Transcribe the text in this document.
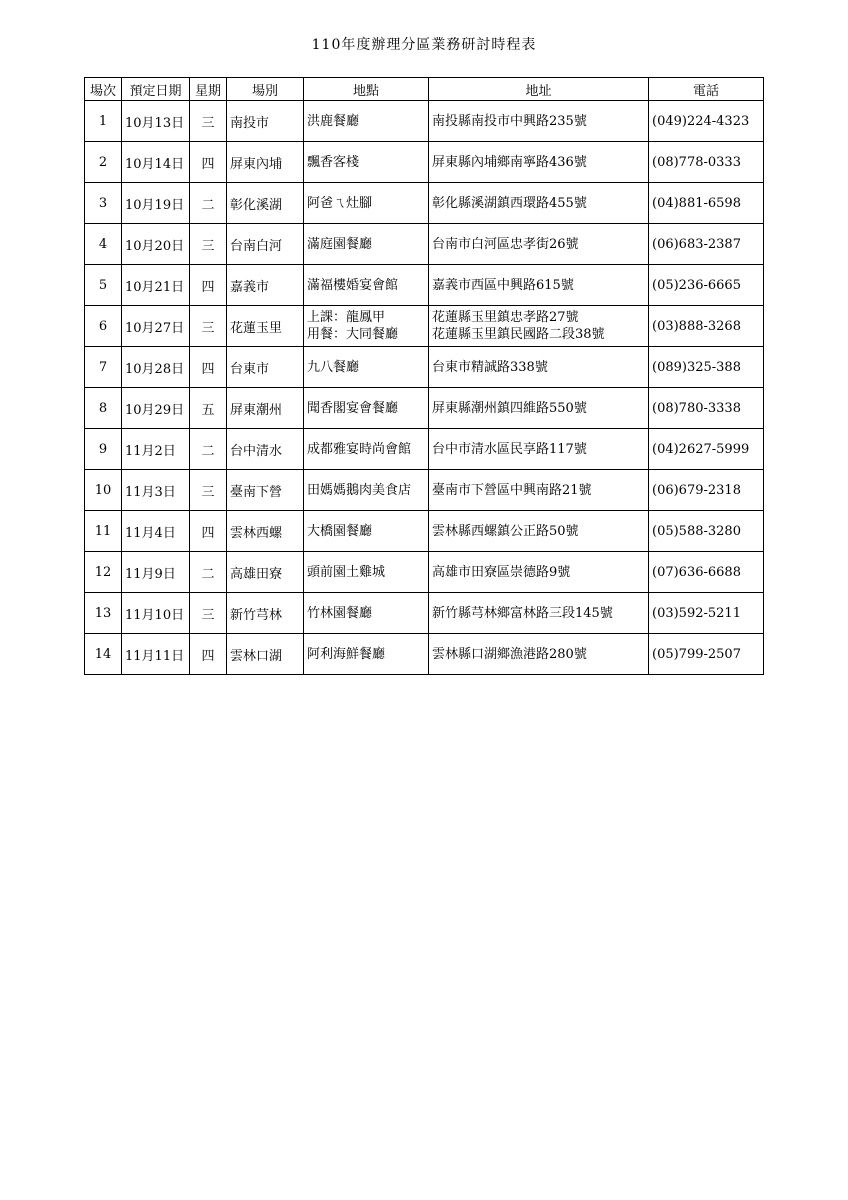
110年度辦理分區業務研討時程表
場次	預定日期	星期	場別	地點	地址	電話
1	10月13日	三	南投市	洪鹿餐廳	南投縣南投市中興路235號	(049)224-4323
2	10月14日	四	屏東內埔	飄香客棧	屏東縣內埔鄉南寧路436號	(08)778-0333
3	10月19日	二	彰化溪湖	阿爸ㄟ灶腳	彰化縣溪湖鎮西環路455號	(04)881-6598
4	10月20日	三	台南白河	滿庭園餐廳	台南市白河區忠孝街26號	(06)683-2387
5	10月21日	四	嘉義市	滿福樓婚宴會館	嘉義市西區中興路615號	(05)236-6665
6	10月27日	三	花蓮玉里	上課：龍鳳甲
用餐：大同餐廳	花蓮縣玉里鎮忠孝路27號
花蓮縣玉里鎮民國路二段38號	(03)888-3268
7	10月28日	四	台東市	九八餐廳	台東市精誠路338號	(089)325-388
8	10月29日	五	屏東潮州	聞香閣宴會餐廳	屏東縣潮州鎮四維路550號	(08)780-3338
9	11月2日	二	台中清水	成都雅宴時尚會館	台中市清水區民享路117號	(04)2627-5999
10	11月3日	三	臺南下營	田媽媽鵝肉美食店	臺南市下營區中興南路21號	(06)679-2318
11	11月4日	四	雲林西螺	大橋園餐廳	雲林縣西螺鎮公正路50號	(05)588-3280
12	11月9日	二	高雄田寮	頭前園土雞城	高雄市田寮區崇德路9號	(07)636-6688
13	11月10日	三	新竹芎林	竹林園餐廳	新竹縣芎林鄉富林路三段145號	(03)592-5211
14	11月11日	四	雲林口湖	阿利海鮮餐廳	雲林縣口湖鄉漁港路280號	(05)799-2507
